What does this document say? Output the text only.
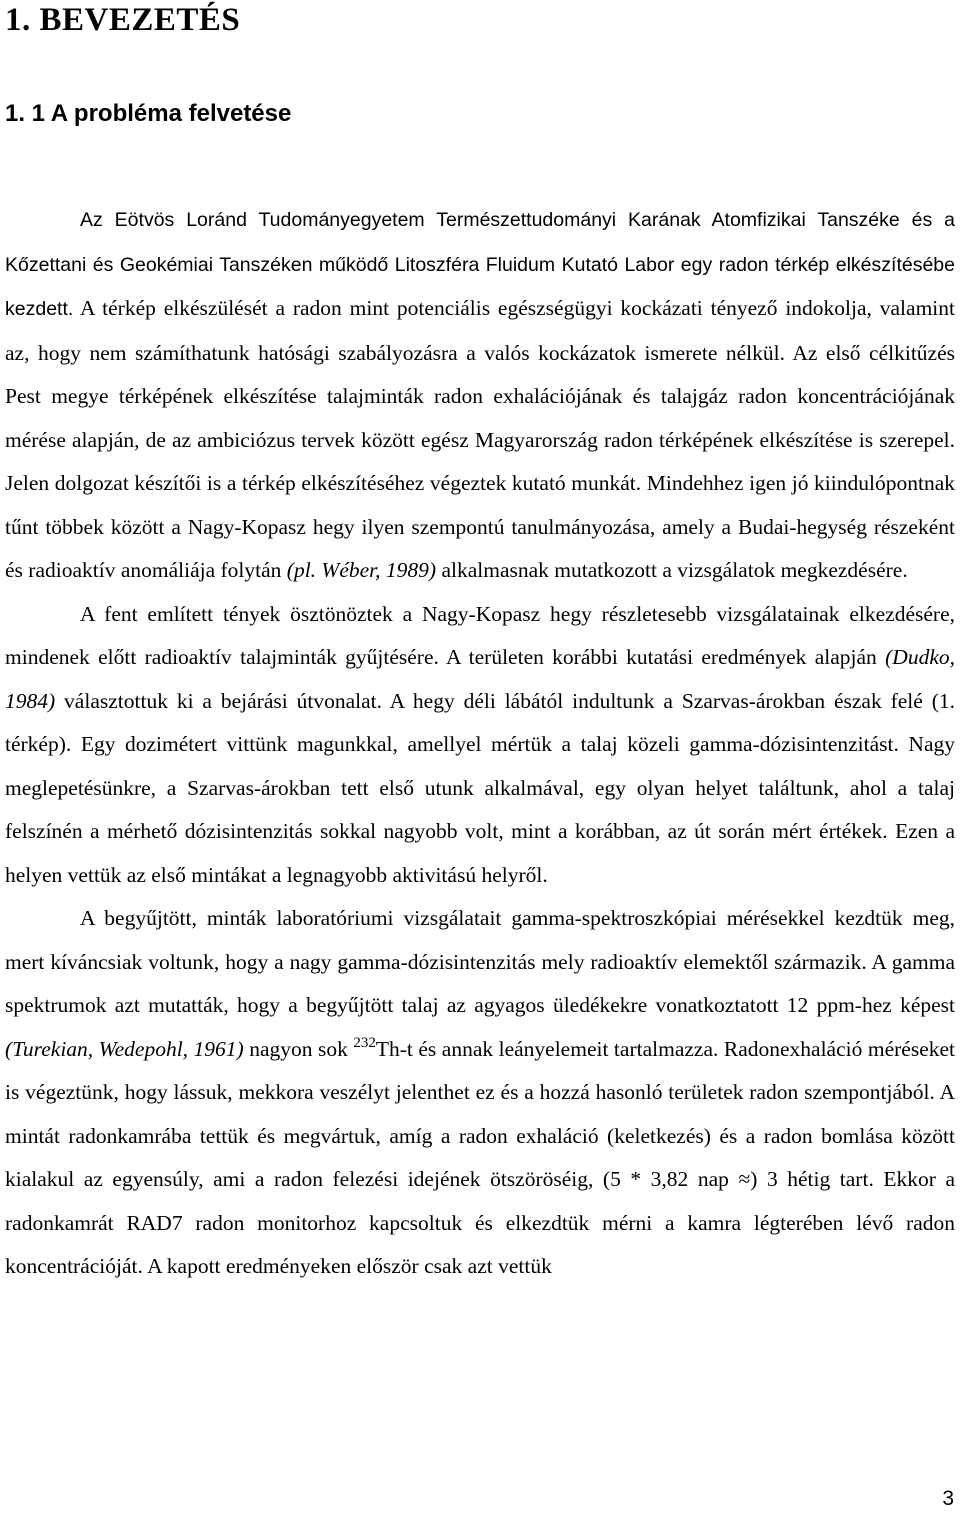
1. BEVEZETÉS
1. 1 A probléma felvetése

Az Eötvös Loránd Tudományegyetem Természettudományi Karának Atomfizikai Tanszéke és a Kőzettani és Geokémiai Tanszéken működő Litoszféra Fluidum Kutató Labor egy radon térkép elkészítésébe kezdett. A térkép elkészülését a radon mint potenciális egészségügyi kockázati tényező indokolja, valamint az, hogy nem számíthatunk hatósági szabályozásra a valós kockázatok ismerete nélkül. Az első célkitűzés Pest megye térképének elkészítése talajminták radon exhalációjának és talajgáz radon koncentrációjának mérése alapján, de az ambiciózus tervek között egész Magyarország radon térképének elkészítése is szerepel. Jelen dolgozat készítői is a térkép elkészítéséhez végeztek kutató munkát. Mindehhez igen jó kiindulópontnak tűnt többek között a Nagy-Kopasz hegy ilyen szempontú tanulmányozása, amely a Budai-hegység részeként és radioaktív anomáliája folytán (pl. Wéber, 1989) alkalmasnak mutatkozott a vizsgálatok megkezdésére.

A fent említett tények ösztönöztek a Nagy-Kopasz hegy részletesebb vizsgálatainak elkezdésére, mindenek előtt radioaktív talajminták gyűjtésére. A területen korábbi kutatási eredmények alapján (Dudko, 1984) választottuk ki a bejárási útvonalat. A hegy déli lábától indultunk a Szarvas-árokban észak felé (1. térkép). Egy dozimétert vittünk magunkkal, amellyel mértük a talaj közeli gamma-dózisintenzitást. Nagy meglepetésünkre, a Szarvas-árokban tett első utunk alkalmával, egy olyan helyet találtunk, ahol a talaj felszínén a mérhető dózisintenzitás sokkal nagyobb volt, mint a korábban, az út során mért értékek. Ezen a helyen vettük az első mintákat a legnagyobb aktivitású helyről.

A begyűjtött, minták laboratóriumi vizsgálatait gamma-spektroszkópiai mérésekkel kezdtük meg, mert kíváncsiak voltunk, hogy a nagy gamma-dózisintenzitás mely radioaktív elemektől származik. A gamma spektrumok azt mutatták, hogy a begyűjtött talaj az agyagos üledékekre vonatkoztatott 12 ppm-hez képest (Turekian, Wedepohl, 1961) nagyon sok $^{232}$Th-t és annak leányelemeit tartalmazza. Radonexhaláció méréseket is végeztünk, hogy lássuk, mekkora veszélyt jelenthet ez és a hozzá hasonló területek radon szempontjából. A mintát radonkamrába tettük és megvártuk, amíg a radon exhaláció (keletkezés) és a radon bomlása között kialakul az egyensúly, ami a radon felezési idejének ötszöröséig, (5 * 3,82 nap ≈) 3 hétig tart. Ekkor a radonkamrát RAD7 radon monitorhoz kapcsoltuk és elkezdtük mérni a kamra légterében lévő radon koncentrációját. A kapott eredményeken először csak azt vettük

3
